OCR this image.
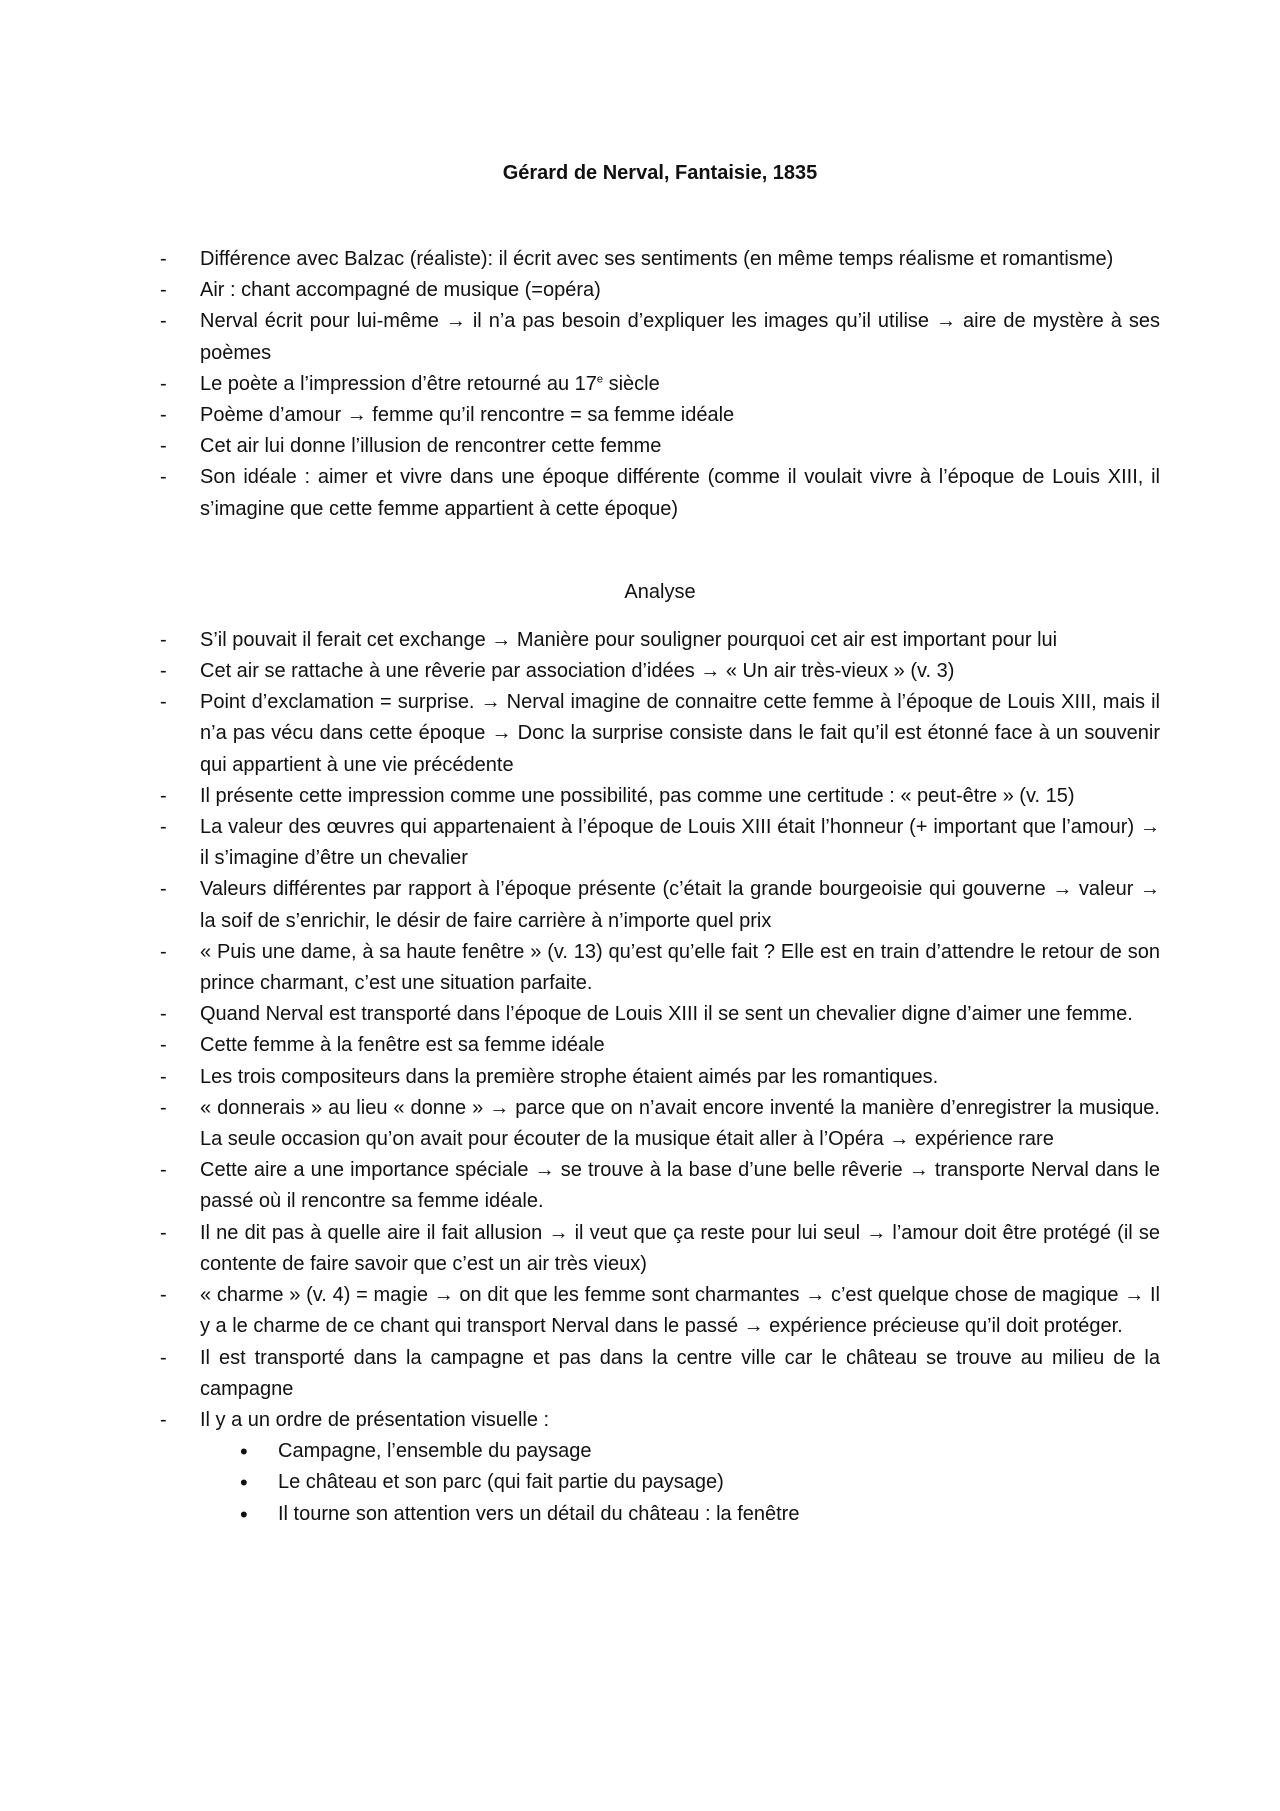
Gérard de Nerval, Fantaisie, 1835
- Différence avec Balzac (réaliste): il écrit avec ses sentiments (en même temps réalisme et romantisme)
- Air : chant accompagné de musique (=opéra)
- Nerval écrit pour lui-même → il n’a pas besoin d’expliquer les images qu’il utilise → aire de mystère à ses poèmes
- Le poète a l’impression d’être retourné au 17e siècle
- Poème d’amour → femme qu’il rencontre = sa femme idéale
- Cet air lui donne l’illusion de rencontrer cette femme
- Son idéale : aimer et vivre dans une époque différente (comme il voulait vivre à l’époque de Louis XIII, il s’imagine que cette femme appartient à cette époque)
Analyse
- S’il pouvait il ferait cet exchange → Manière pour souligner pourquoi cet air est important pour lui
- Cet air se rattache à une rêverie par association d’idées → « Un air très-vieux » (v. 3)
- Point d’exclamation = surprise. → Nerval imagine de connaitre cette femme à l’époque de Louis XIII, mais il n’a pas vécu dans cette époque → Donc la surprise consiste dans le fait qu’il est étonné face à un souvenir qui appartient à une vie précédente
- Il présente cette impression comme une possibilité, pas comme une certitude : « peut-être » (v. 15)
- La valeur des œuvres qui appartenaient à l’époque de Louis XIII était l’honneur (+ important que l’amour) → il s’imagine d’être un chevalier
- Valeurs différentes par rapport à l’époque présente (c’était la grande bourgeoisie qui gouverne → valeur → la soif de s’enrichir, le désir de faire carrière à n’importe quel prix
- « Puis une dame, à sa haute fenêtre » (v. 13) qu’est qu’elle fait ? Elle est en train d’attendre le retour de son prince charmant, c’est une situation parfaite.
- Quand Nerval est transporté dans l’époque de Louis XIII il se sent un chevalier digne d’aimer une femme.
- Cette femme à la fenêtre est sa femme idéale
- Les trois compositeurs dans la première strophe étaient aimés par les romantiques.
- « donnerais » au lieu « donne » → parce que on n’avait encore inventé la manière d’enregistrer la musique. La seule occasion qu’on avait pour écouter de la musique était aller à l’Opéra → expérience rare
- Cette aire a une importance spéciale → se trouve à la base d’une belle rêverie → transporte Nerval dans le passé où il rencontre sa femme idéale.
- Il ne dit pas à quelle aire il fait allusion → il veut que ça reste pour lui seul → l’amour doit être protégé (il se contente de faire savoir que c’est un air très vieux)
- « charme » (v. 4) = magie → on dit que les femme sont charmantes → c’est quelque chose de magique → Il y a le charme de ce chant qui transport Nerval dans le passé → expérience précieuse qu’il doit protéger.
- Il est transporté dans la campagne et pas dans la centre ville car le château se trouve au milieu de la campagne
- Il y a un ordre de présentation visuelle :
• Campagne, l’ensemble du paysage
• Le château et son parc (qui fait partie du paysage)
• Il tourne son attention vers un détail du château : la fenêtre
